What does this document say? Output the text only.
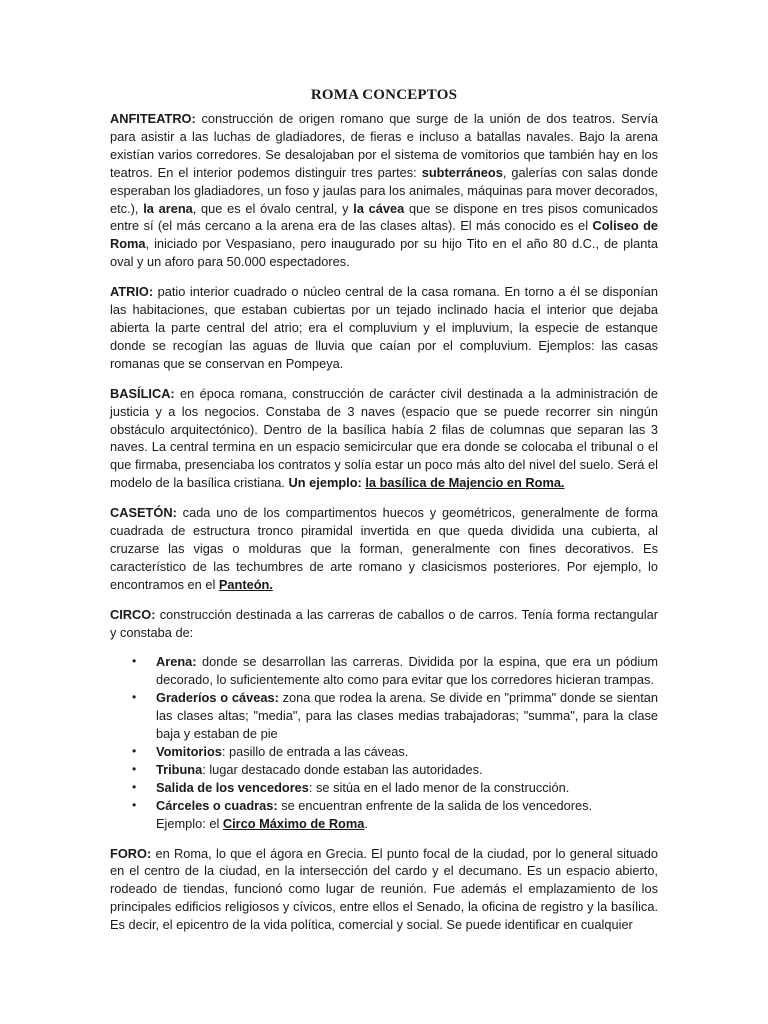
ROMA CONCEPTOS

ANFITEATRO: construcción de origen romano que surge de la unión de dos teatros. Servía para asistir a las luchas de gladiadores, de fieras e incluso a batallas navales. Bajo la arena existían varios corredores. Se desalojaban por el sistema de vomitorios que también hay en los teatros. En el interior podemos distinguir tres partes: subterráneos, galerías con salas donde esperaban los gladiadores, un foso y jaulas para los animales, máquinas para mover decorados, etc.), la arena, que es el óvalo central, y la cávea que se dispone en tres pisos comunicados entre sí (el más cercano a la arena era de las clases altas). El más conocido es el Coliseo de Roma, iniciado por Vespasiano, pero inaugurado por su hijo Tito en el año 80 d.C., de planta oval y un aforo para 50.000 espectadores.

ATRIO: patio interior cuadrado o núcleo central de la casa romana. En torno a él se disponían las habitaciones, que estaban cubiertas por un tejado inclinado hacia el interior que dejaba abierta la parte central del atrio; era el compluvium y el impluvium, la especie de estanque donde se recogían las aguas de lluvia que caían por el compluvium. Ejemplos: las casas romanas que se conservan en Pompeya.

BASÍLICA: en época romana, construcción de carácter civil destinada a la administración de justicia y a los negocios. Constaba de 3 naves (espacio que se puede recorrer sin ningún obstáculo arquitectónico). Dentro de la basílica había 2 filas de columnas que separan las 3 naves. La central termina en un espacio semicircular que era donde se colocaba el tribunal o el que firmaba, presenciaba los contratos y solía estar un poco más alto del nivel del suelo. Será el modelo de la basílica cristiana. Un ejemplo: la basílica de Majencio en Roma.

CASETÓN: cada uno de los compartimentos huecos y geométricos, generalmente de forma cuadrada de estructura tronco piramidal invertida en que queda dividida una cubierta, al cruzarse las vigas o molduras que la forman, generalmente con fines decorativos. Es característico de las techumbres de arte romano y clasicismos posteriores. Por ejemplo, lo encontramos en el Panteón.

CIRCO: construcción destinada a las carreras de caballos o de carros. Tenía forma rectangular y constaba de:

• Arena: donde se desarrollan las carreras. Dividida por la espina, que era un pódium decorado, lo suficientemente alto como para evitar que los corredores hicieran trampas.
• Graderíos o cáveas: zona que rodea la arena. Se divide en "primma" donde se sientan las clases altas; "media", para las clases medias trabajadoras; "summa", para la clase baja y estaban de pie
• Vomitorios: pasillo de entrada a las cáveas.
• Tribuna: lugar destacado donde estaban las autoridades.
• Salida de los vencedores: se sitúa en el lado menor de la construcción.
• Cárceles o cuadras: se encuentran enfrente de la salida de los vencedores.

Ejemplo: el Circo Máximo de Roma.

FORO: en Roma, lo que el ágora en Grecia. El punto focal de la ciudad, por lo general situado en el centro de la ciudad, en la intersección del cardo y el decumano. Es un espacio abierto, rodeado de tiendas, funcionó como lugar de reunión. Fue además el emplazamiento de los principales edificios religiosos y cívicos, entre ellos el Senado, la oficina de registro y la basílica. Es decir, el epicentro de la vida política, comercial y social. Se puede identificar en cualquier
